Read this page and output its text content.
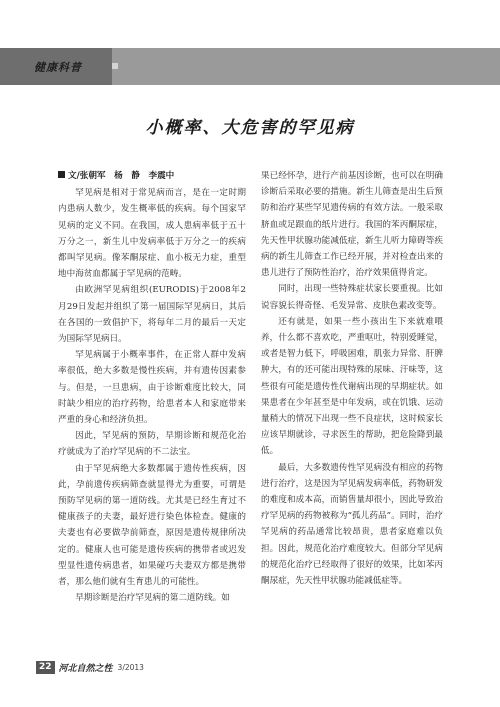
健康科普
小概率、大危害的罕见病
文/张朝军　杨　静　李震中

罕见病是相对于常见病而言，是在一定时期内患病人数少，发生概率低的疾病。每个国家罕见病的定义不同。在我国，成人患病率低于五十万分之一，新生儿中发病率低于万分之一的疾病都叫罕见病。像苯酮尿症、血小板无力症，重型地中海贫血都属于罕见病的范畴。

由欧洲罕见病组织(EURODIS)于2008年2月29日发起并组织了第一届国际罕见病日，其后在各国的一致倡护下，将每年二月的最后一天定为国际罕见病日。

罕见病属于小概率事件，在正常人群中发病率很低，绝大多数是慢性疾病，并有遗传因素参与。但是，一旦患病，由于诊断难度比较大，同时缺少相应的治疗药物，给患者本人和家庭带来严重的身心和经济负担。

因此，罕见病的预防，早期诊断和规范化治疗就成为了治疗罕见病的不二法宝。

由于罕见病绝大多数都属于遗传性疾病，因此，孕前遗传疾病筛查就显得尤为重要，可谓是预防罕见病的第一道防线。尤其是已经生育过不健康孩子的夫妻，最好进行染色体检查。健康的夫妻也有必要做孕前筛查，原因是遗传规律所决定的。健康人也可能是遗传疾病的携带者或迟发型显性遗传病患者，如果碰巧夫妻双方都是携带者，那么他们就有生育患儿的可能性。

早期诊断是治疗罕见病的第二道防线。如

果已经怀孕，进行产前基因诊断，也可以在明确诊断后采取必要的措施。新生儿筛查是出生后预防和治疗某些罕见遗传病的有效方法。一般采取脐血或足跟血的纸片进行。我国的苯丙酮尿症，先天性甲状腺功能减低症，新生儿听力障碍等疾病的新生儿筛查工作已经开展，并对检查出来的患儿进行了预防性治疗，治疗效果值得肯定。

同时，出现一些特殊症状家长要重视。比如说容貌长得奇怪、毛发异常、皮肤色素改变等。

还有就是，如果一些小孩出生下来就难喂养，什么都不喜欢吃，严重呕吐，特别爱睡觉，或者是智力低下，呼吸困难，肌张力异常、肝脾肿大，有的还可能出现特殊的尿味、汗味等，这些很有可能是遗传性代谢病出现的早期症状。如果患者在少年甚至是中年发病，或在饥饿、运动量稍大的情况下出现一些不良症状，这时候家长应该早期就诊，寻求医生的帮助，把危险降到最低。

最后，大多数遗传性罕见病没有相应的药物进行治疗，这是因为罕见病发病率低，药物研发的难度和成本高，而销售量却很小，因此导致治疗罕见病的药物被称为“孤儿药品”。同时，治疗罕见病的药品通常比较昂贵，患者家庭难以负担。因此，规范化治疗难度较大。但部分罕见病的规范化治疗已经取得了很好的效果，比如苯丙酮尿症，先天性甲状腺功能减低症等。

22 河北自然之性 3/2013
